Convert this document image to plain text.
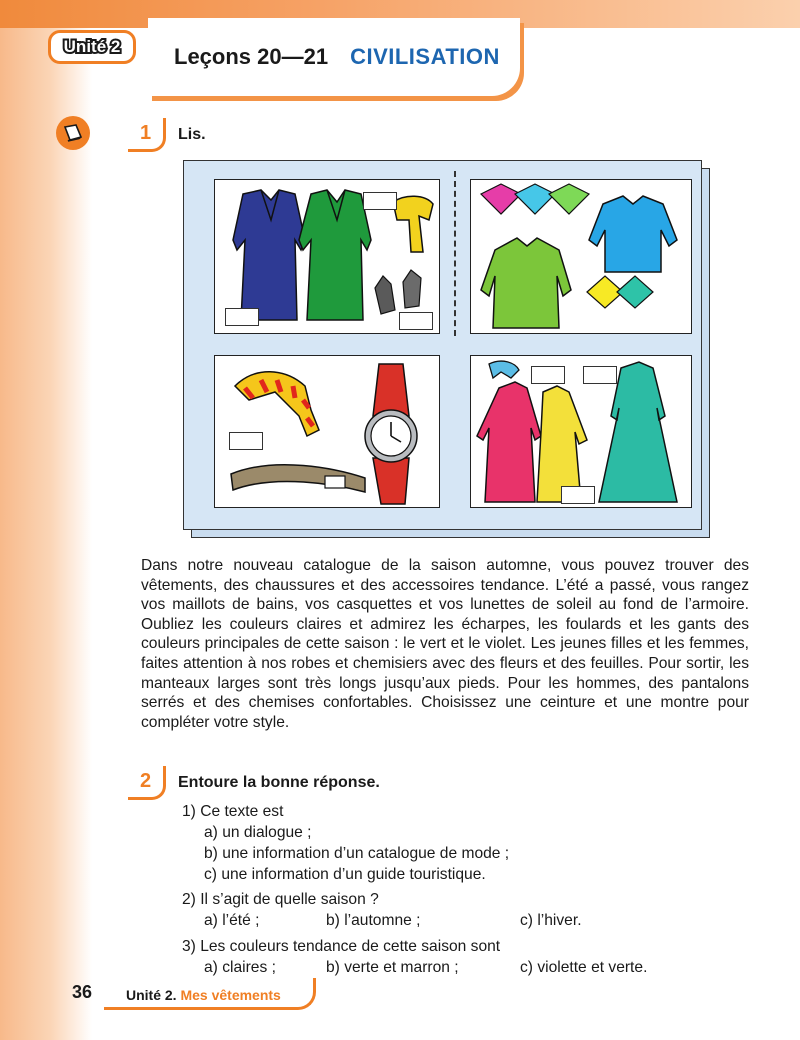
Unité 2 Leçons 20—21 CIVILISATION
1	Lis.

Dans notre nouveau catalogue de la saison automne, vous pouvez trouver des vêtements, des chaussures et des accessoires tendance. L’été a passé, vous rangez vos maillots de bains, vos casquettes et vos lunettes de soleil au fond de l’armoire. Oubliez les couleurs claires et admirez les écharpes, les foulards et les gants des couleurs principales de cette saison : le vert et le violet. Les jeunes filles et les femmes, faites attention à nos robes et chemisiers avec des fleurs et des feuilles. Pour sortir, les manteaux larges sont très longs jusqu’aux pieds. Pour les hommes, des pantalons serrés et des chemises confortables. Choisissez une ceinture et une montre pour compléter votre style.

2	Entoure la bonne réponse.
1) Ce texte est
a) un dialogue ;
b) une information d’un catalogue de mode ;
c) une information d’un guide touristique.
2) Il s’agit de quelle saison ?
a) l’été ;	b) l’automne ;	c) l’hiver.
3) Les couleurs tendance de cette saison sont
a) claires ;	b) verte et marron ;	c) violette et verte.
36 Unité 2. Mes vêtements
